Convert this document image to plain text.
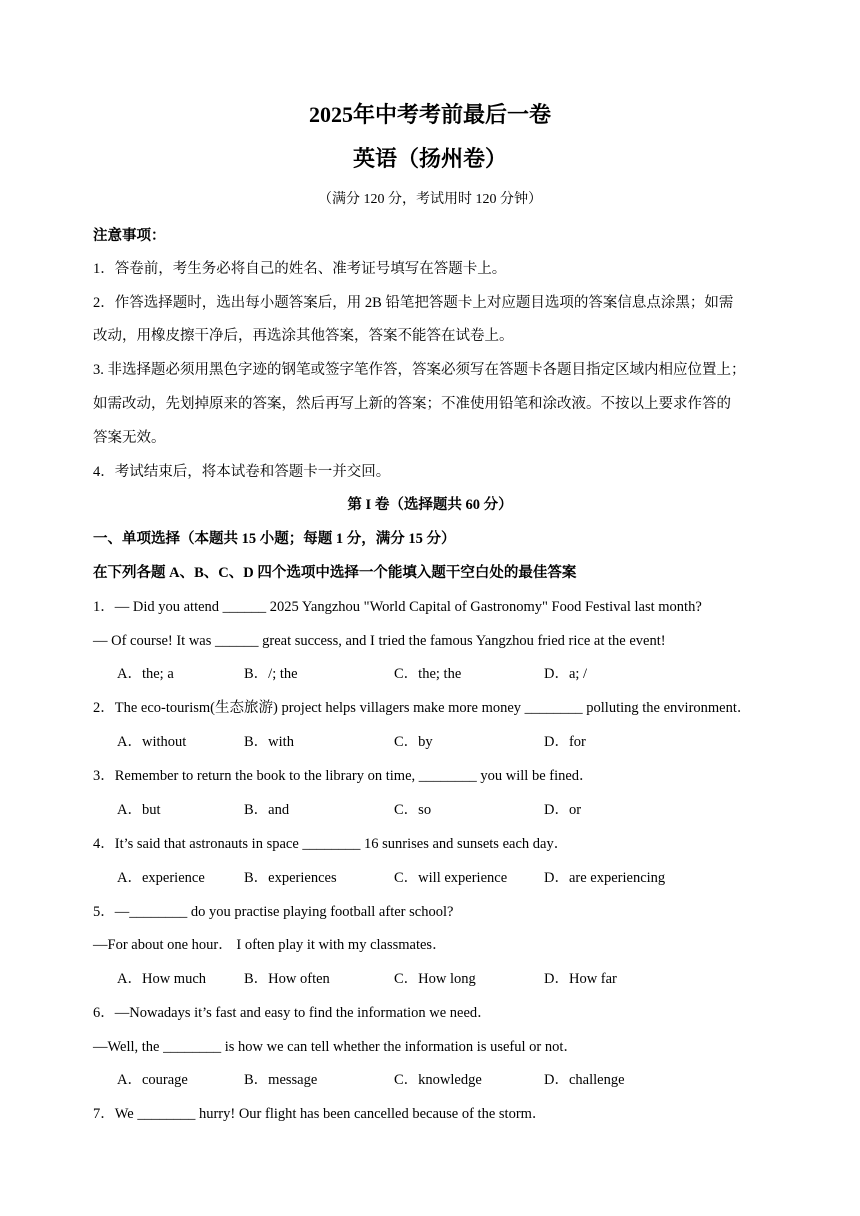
2025年中考考前最后一卷
英语（扬州卷）
（满分 120 分，考试用时 120 分钟）
注意事项：
1．答卷前，考生务必将自己的姓名、准考证号填写在答题卡上。
2．作答选择题时，选出每小题答案后，用 2B 铅笔把答题卡上对应题目选项的答案信息点涂黑；如需
改动，用橡皮擦干净后，再选涂其他答案，答案不能答在试卷上。
3. 非选择题必须用黑色字迹的钢笔或签字笔作答，答案必须写在答题卡各题目指定区域内相应位置上；
如需改动，先划掉原来的答案，然后再写上新的答案；不准使用铅笔和涂改液。不按以上要求作答的
答案无效。
4．考试结束后，将本试卷和答题卡一并交回。
第 I 卷（选择题共 60 分）
一、单项选择（本题共 15 小题；每题 1 分，满分 15 分）
在下列各题 A、B、C、D 四个选项中选择一个能填入题干空白处的最佳答案
1．— Did you attend ______ 2025 Yangzhou "World Capital of Gastronomy" Food Festival last month?
— Of course! It was ______ great success, and I tried the famous Yangzhou fried rice at the event!
A．the; a	B．/; the	C．the; the	D．a; /
2．The eco-tourism(生态旅游) project helps villagers make more money ________ polluting the environment．
A．without	B．with	C．by	D．for
3．Remember to return the book to the library on time, ________ you will be fined．
A．but	B．and	C．so	D．or
4．It’s said that astronauts in space ________ 16 sunrises and sunsets each day．
A．experience	B．experiences	C．will experience	D．are experiencing
5．—________ do you practise playing football after school?
—For about one hour． I often play it with my classmates．
A．How much	B．How often	C．How long	D．How far
6．—Nowadays it’s fast and easy to find the information we need．
—Well, the ________ is how we can tell whether the information is useful or not．
A．courage	B．message	C．knowledge	D．challenge
7．We ________ hurry! Our flight has been cancelled because of the storm．
